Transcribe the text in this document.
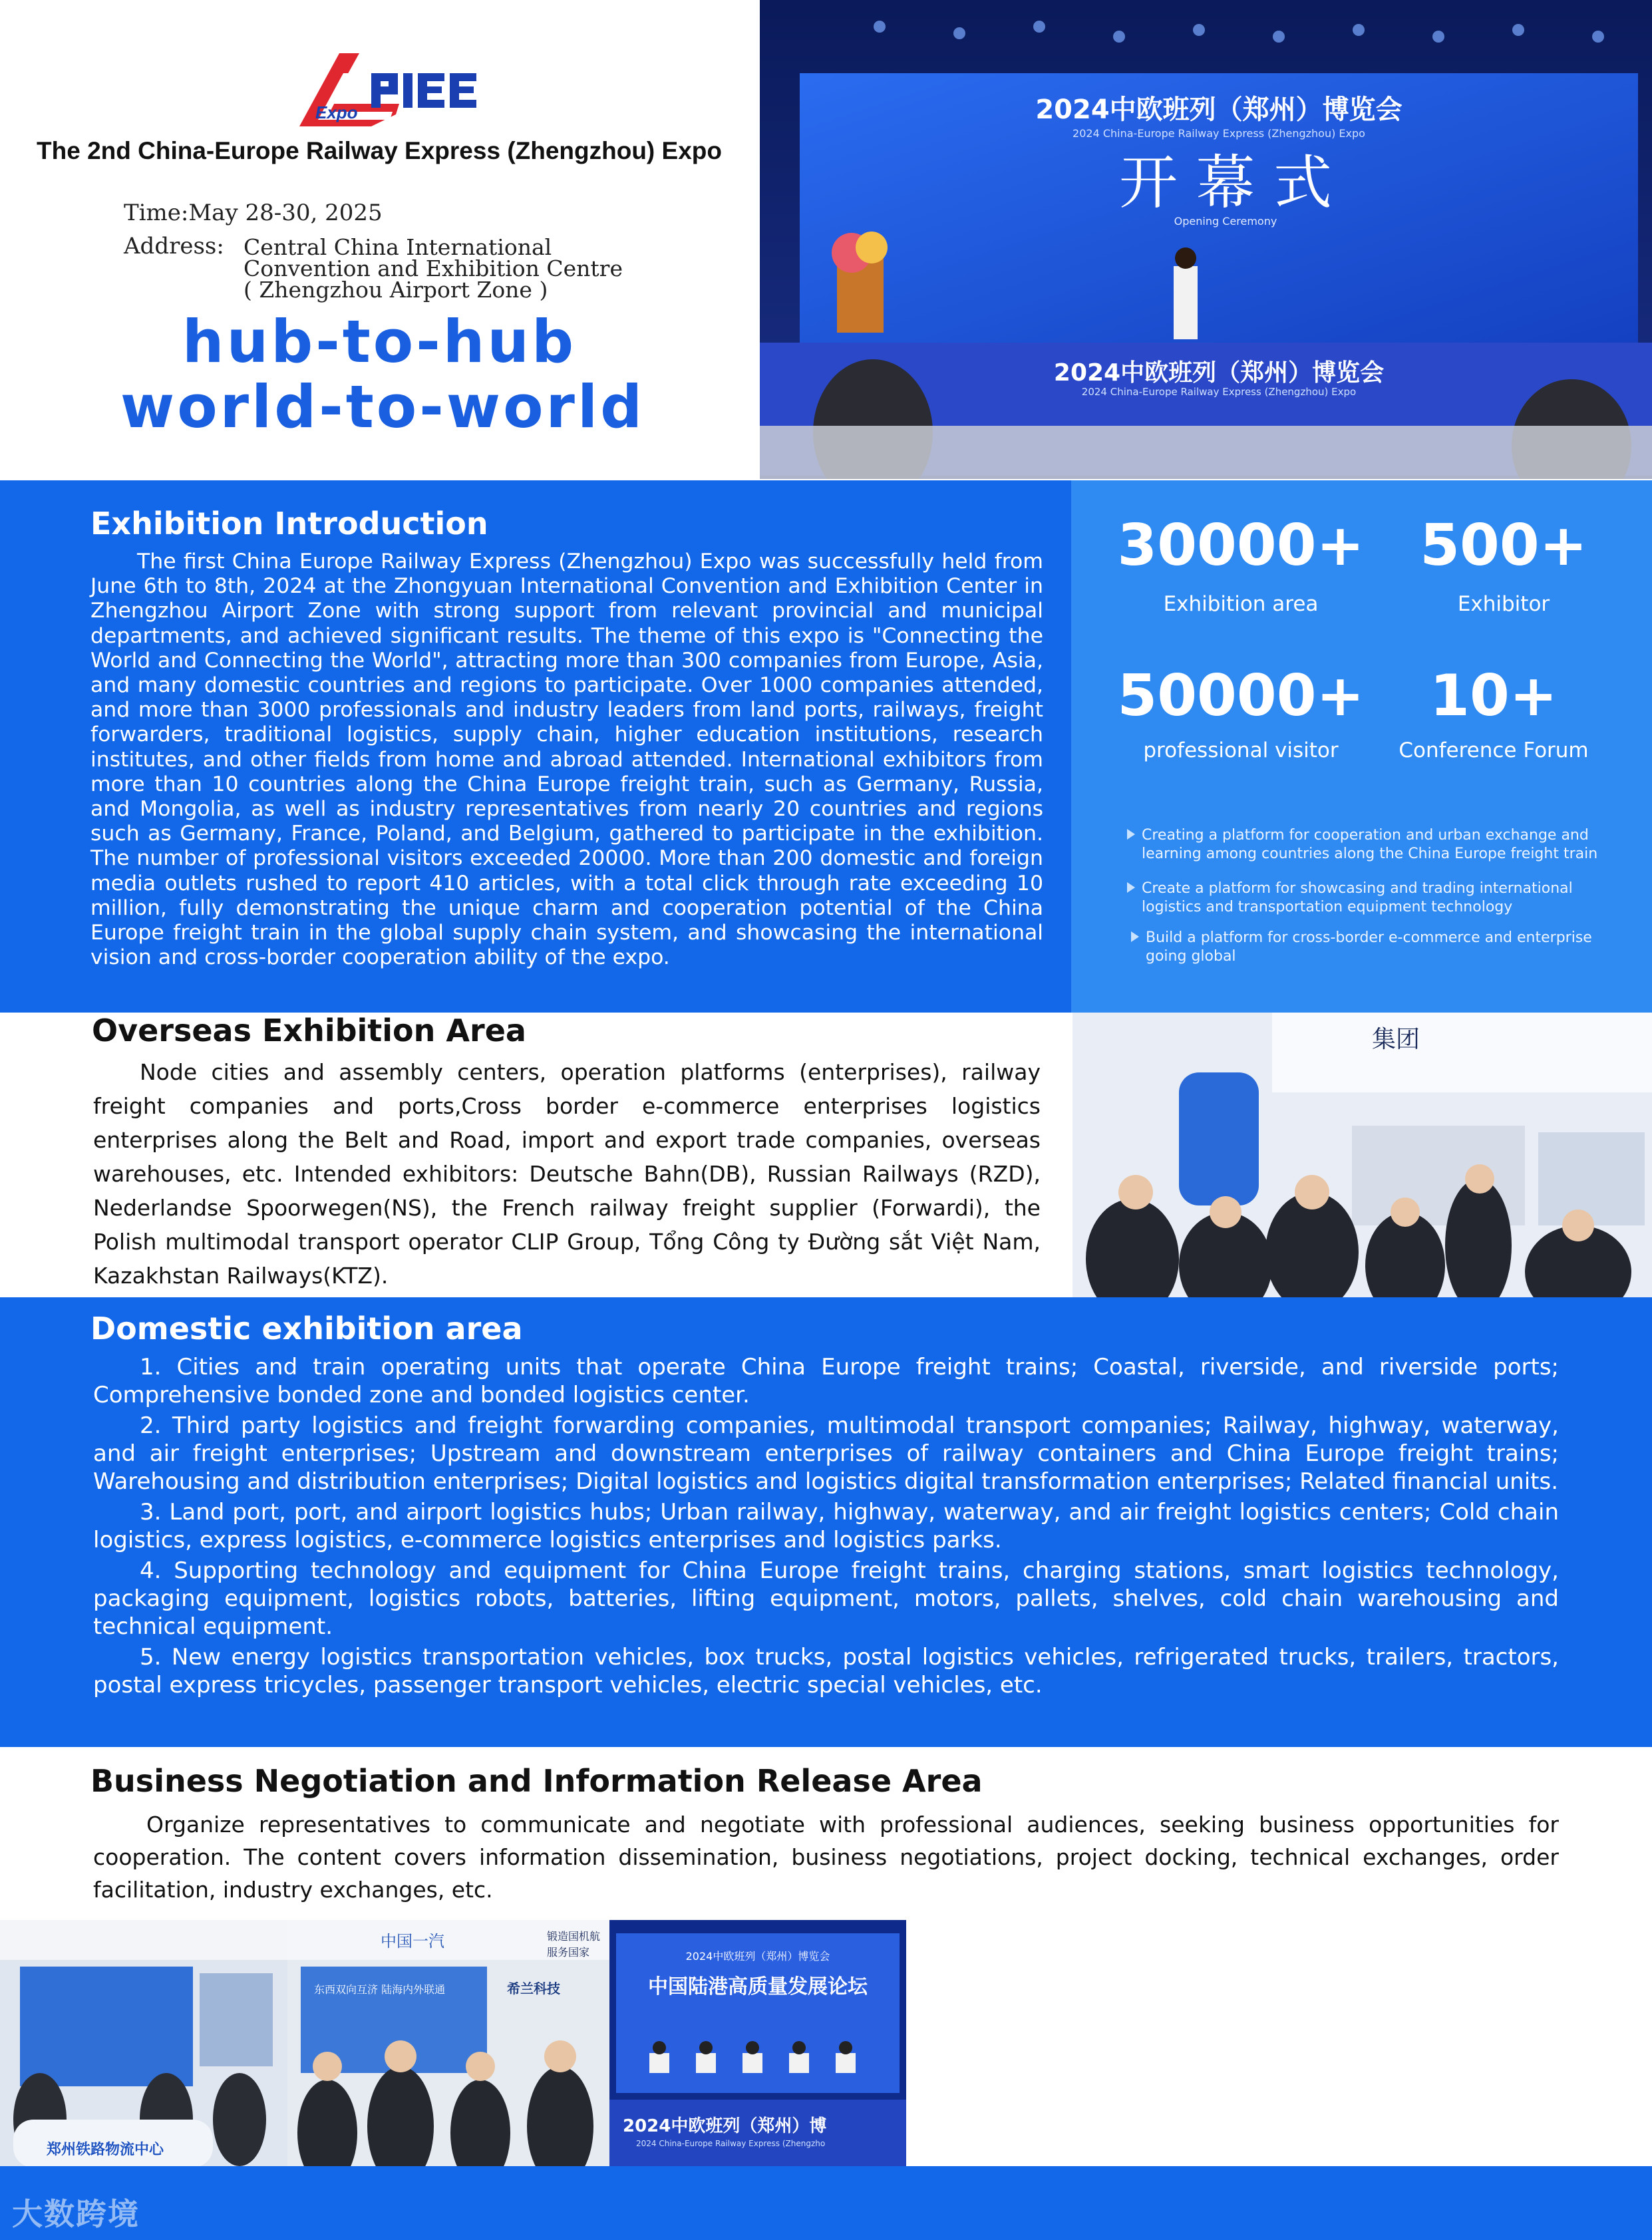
Expo
The 2nd China-Europe Railway Express (Zhengzhou) Expo
Time:May 28-30, 2025
Address: Central China International
Convention and Exhibition Centre
( Zhengzhou Airport Zone )
hub-to-hub
world-to-world
2024中欧班列（郑州）博览会
2024 China-Europe Railway Express (Zhengzhou) Expo
开 幕 式
Opening Ceremony
2024中欧班列（郑州）博览会
2024 China-Europe Railway Express (Zhengzhou) Expo
Exhibition Introduction
The first China Europe Railway Express (Zhengzhou) Expo was successfully held from June 6th to 8th, 2024 at the Zhongyuan International Convention and Exhibition Center in Zhengzhou Airport Zone with strong support from relevant provincial and municipal departments, and achieved significant results. The theme of this expo is "Connecting the World and Connecting the World", attracting more than 300 companies from Europe, Asia, and many domestic countries and regions to participate. Over 1000 companies attended, and more than 3000 professionals and industry leaders from land ports, railways, freight forwarders, traditional logistics, supply chain, higher education institutions, research institutes, and other fields from home and abroad attended. International exhibitors from more than 10 countries along the China Europe freight train, such as Germany, Russia, and Mongolia, as well as industry representatives from nearly 20 countries and regions such as Germany, France, Poland, and Belgium, gathered to participate in the exhibition. The number of professional visitors exceeded 20000. More than 200 domestic and foreign media outlets rushed to report 410 articles, with a total click through rate exceeding 10 million, fully demonstrating the unique charm and cooperation potential of the China Europe freight train in the global supply chain system, and showcasing the international vision and cross-border cooperation ability of the expo.
30000+
Exhibition area
500+
Exhibitor
50000+
professional visitor
10+
Conference Forum
Creating a platform for cooperation and urban exchange and learning among countries along the China Europe freight train
Create a platform for showcasing and trading international logistics and transportation equipment technology
Build a platform for cross-border e-commerce and enterprise going global
Overseas Exhibition Area
Node cities and assembly centers, operation platforms (enterprises), railway freight companies and ports,Cross border e-commerce enterprises logistics enterprises along the Belt and Road, import and export trade companies, overseas warehouses, etc. Intended exhibitors: Deutsche Bahn(DB), Russian Railways (RZD), Nederlandse Spoorwegen(NS), the French railway freight supplier (Forwardi), the Polish multimodal transport operator CLIP Group, Tổng Công ty Đường sắt Việt Nam, Kazakhstan Railways(KTZ).
集团
Domestic exhibition area

1. Cities and train operating units that operate China Europe freight trains; Coastal, riverside, and riverside ports; Comprehensive bonded zone and bonded logistics center.

2. Third party logistics and freight forwarding companies, multimodal transport companies; Railway, highway, waterway, and air freight enterprises; Upstream and downstream enterprises of railway containers and China Europe freight trains; Warehousing and distribution enterprises; Digital logistics and logistics digital transformation enterprises; Related financial units.

3. Land port, port, and airport logistics hubs; Urban railway, highway, waterway, and air freight logistics centers; Cold chain logistics, express logistics, e-commerce logistics enterprises and logistics parks.

4. Supporting technology and equipment for China Europe freight trains, charging stations, smart logistics technology, packaging equipment, logistics robots, batteries, lifting equipment, motors, pallets, shelves, cold chain warehousing and technical equipment.

5. New energy logistics transportation vehicles, box trucks, postal logistics vehicles, refrigerated trucks, trailers, tractors, postal express tricycles, passenger transport vehicles, electric special vehicles, etc.

Business Negotiation and Information Release Area
Organize representatives to communicate and negotiate with professional audiences, seeking business opportunities for cooperation. The content covers information dissemination, business negotiations, project docking, technical exchanges, order facilitation, industry exchanges, etc.
郑州铁路物流中心
中国一汽	锻造国机航
服务国家
东西双向互济 陆海内外联通	希兰科技
2024中欧班列（郑州）博览会
中国陆港高质量发展论坛
2024中欧班列（郑州）博
2024 China-Europe Railway Express (Zhengzho
大数跨境
